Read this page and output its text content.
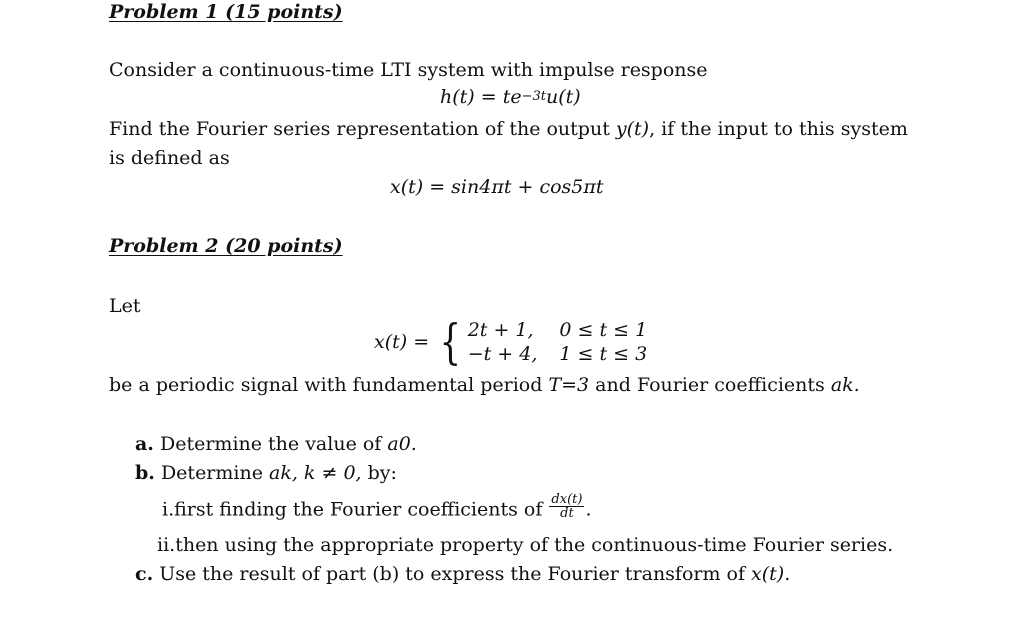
Problem 1 (15 points)
Consider a continuous-time LTI system with impulse response
$h(t) = te^{-3t}u(t)$
Find the Fourier series representation of the output y(t), if the input to this system
is defined as
x(t) = sin4πt + cos5πt
Problem 2 (20 points)
Let
x(t) = { 2t + 1, 0 ≤ t ≤ 1
−t + 4, 1 ≤ t ≤ 3
be a periodic signal with fundamental period T=3 and Fourier coefficients ak.
a. Determine the value of a0.
b. Determine ak, k ≠ 0, by:
i.first finding the Fourier coefficients of $\frac{dx(t)}{dt}$ .
ii.then using the appropriate property of the continuous-time Fourier series.
c. Use the result of part (b) to express the Fourier transform of x(t).
